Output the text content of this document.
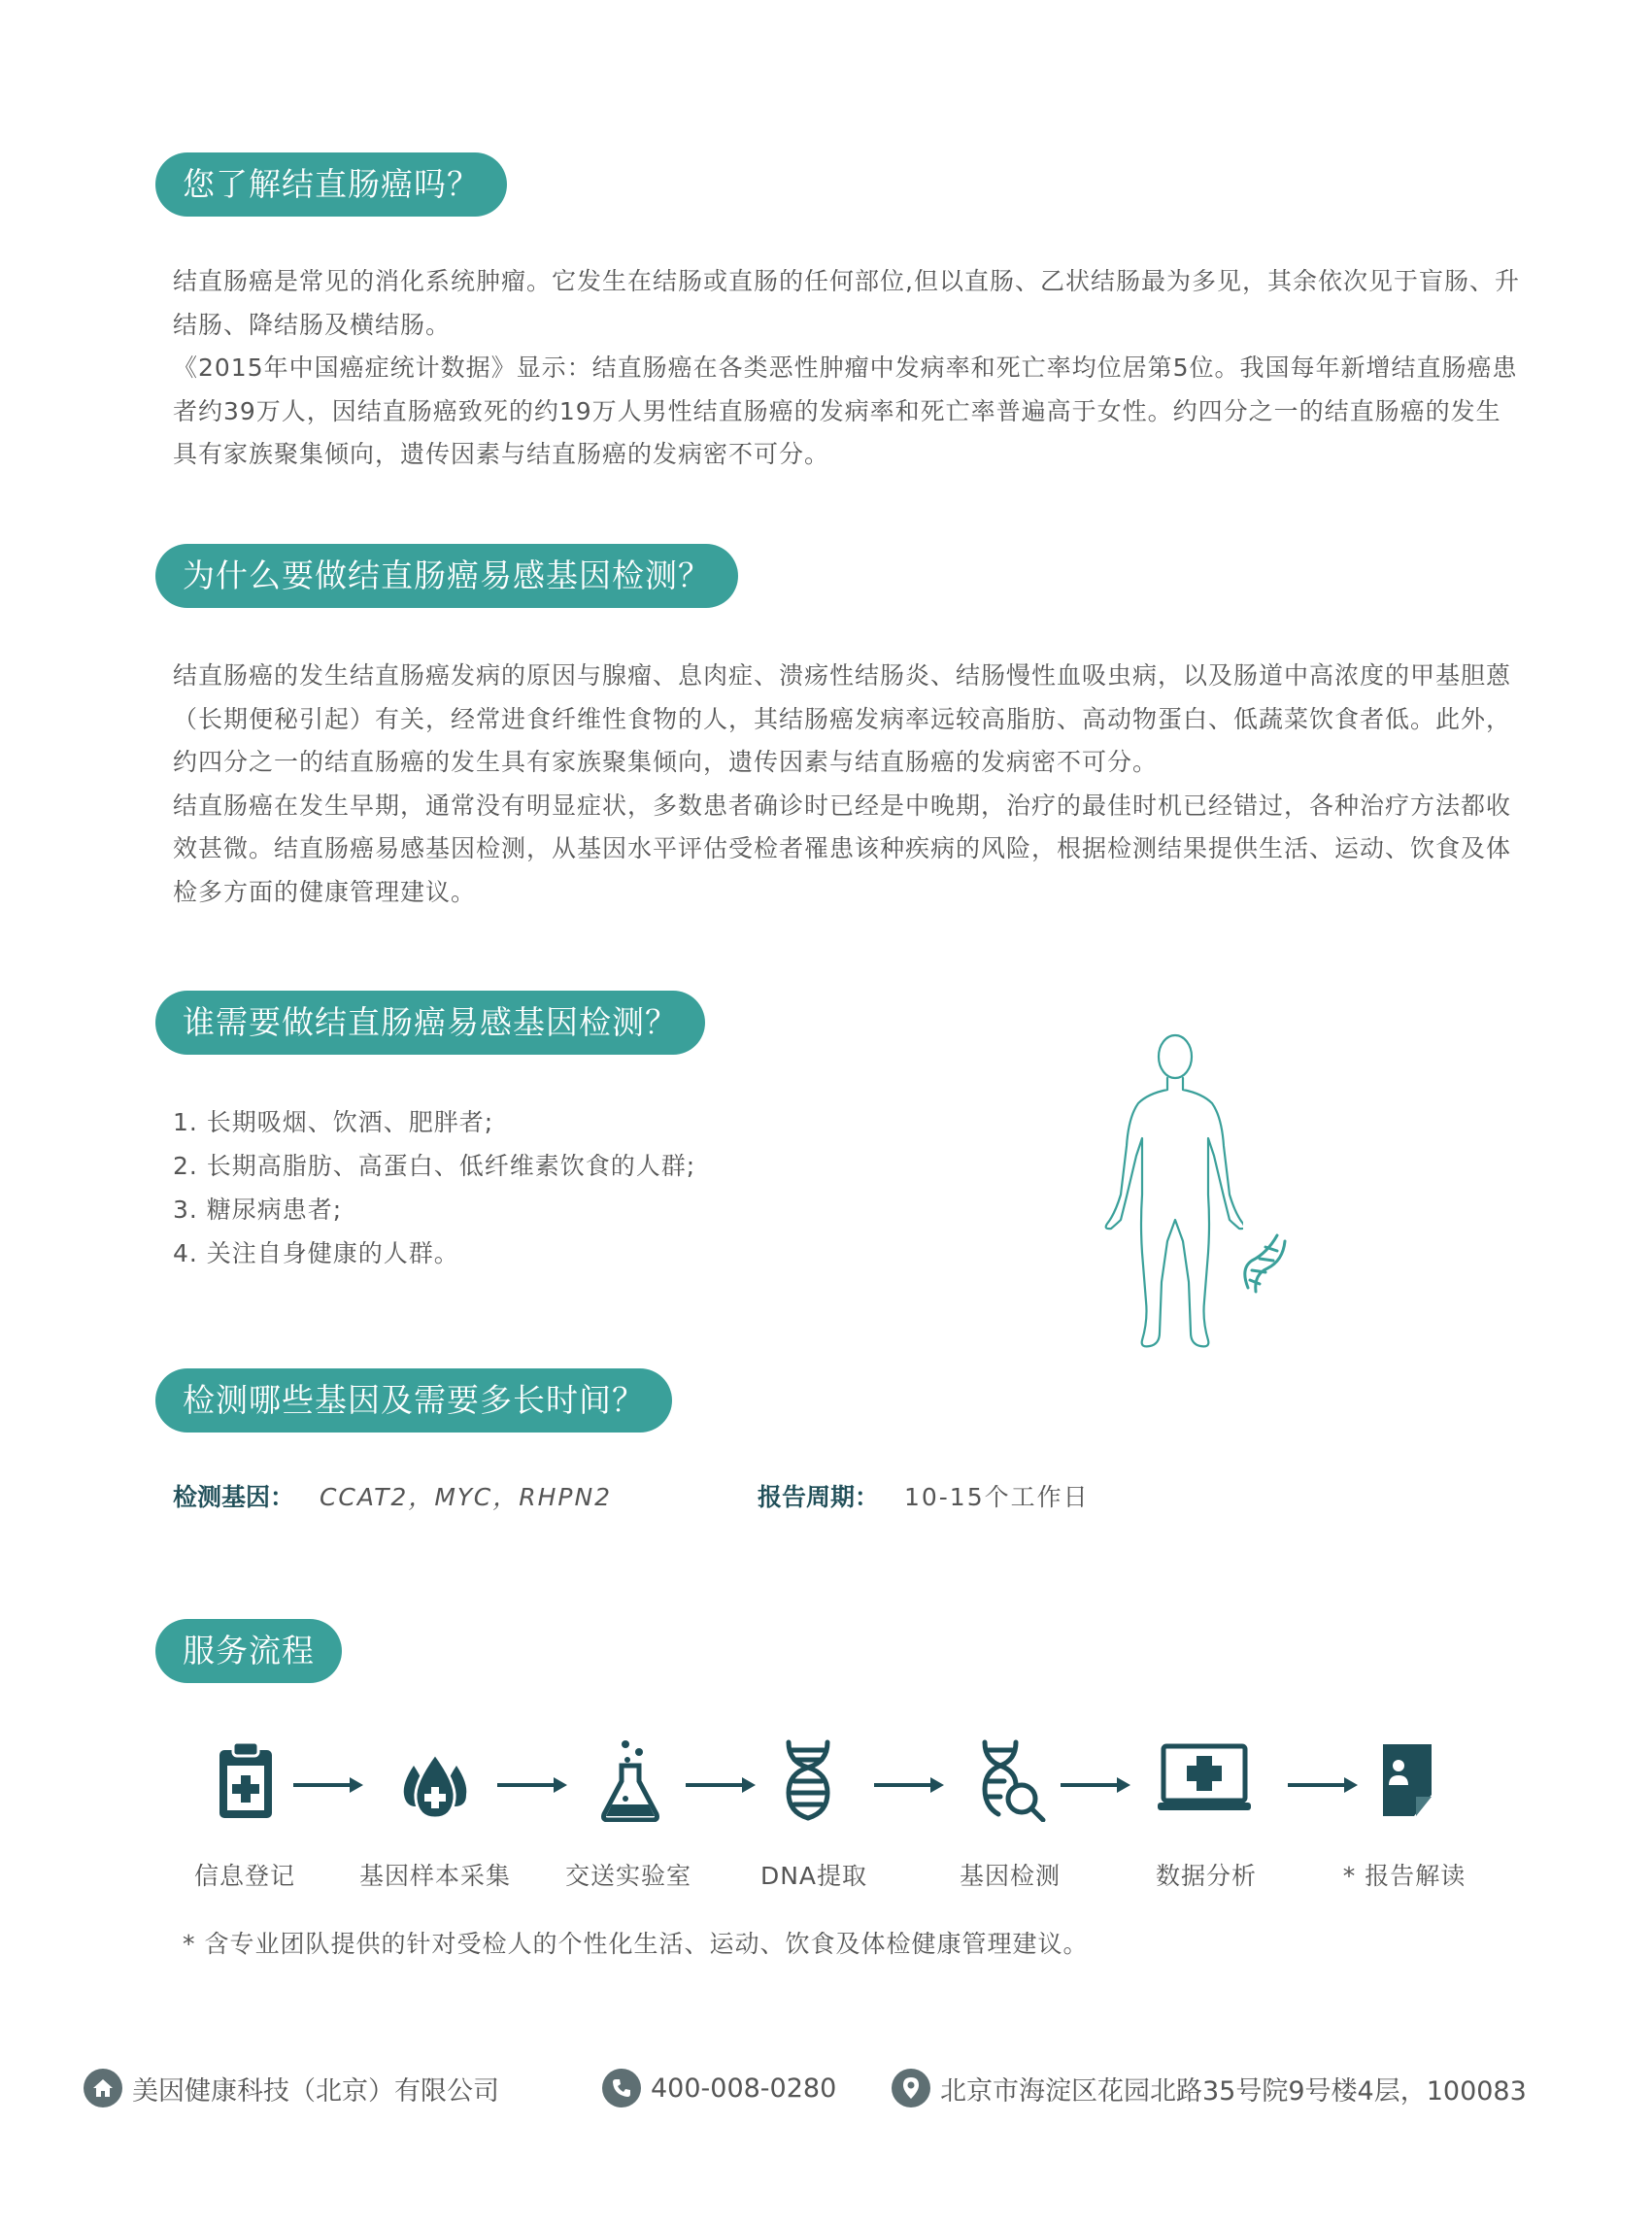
您了解结直肠癌吗？

结直肠癌是常见的消化系统肿瘤。它发生在结肠或直肠的任何部位,但以直肠、乙状结肠最为多见，其余依次见于盲肠、升结肠、降结肠及横结肠。

《2015年中国癌症统计数据》显示：结直肠癌在各类恶性肿瘤中发病率和死亡率均位居第5位。我国每年新增结直肠癌患者约39万人，因结直肠癌致死的约19万人男性结直肠癌的发病率和死亡率普遍高于女性。约四分之一的结直肠癌的发生具有家族聚集倾向，遗传因素与结直肠癌的发病密不可分。

为什么要做结直肠癌易感基因检测？

结直肠癌的发生结直肠癌发病的原因与腺瘤、息肉症、溃疡性结肠炎、结肠慢性血吸虫病，以及肠道中高浓度的甲基胆蒽 （长期便秘引起）有关，经常进食纤维性食物的人，其结肠癌发病率远较高脂肪、高动物蛋白、低蔬菜饮食者低。此外，约四分之一的结直肠癌的发生具有家族聚集倾向，遗传因素与结直肠癌的发病密不可分。

结直肠癌在发生早期，通常没有明显症状，多数患者确诊时已经是中晚期，治疗的最佳时机已经错过，各种治疗方法都收效甚微。结直肠癌易感基因检测，从基因水平评估受检者罹患该种疾病的风险，根据检测结果提供生活、运动、饮食及体检多方面的健康管理建议。

谁需要做结直肠癌易感基因检测？
1. 长期吸烟、饮酒、肥胖者;
2. 长期高脂肪、高蛋白、低纤维素饮食的人群;
3. 糖尿病患者;
4. 关注自身健康的人群。
检测哪些基因及需要多长时间？
检测基因： CCAT2，MYC，RHPN2	报告周期： 10-15个工作日
服务流程
信息登记	基因样本采集 交送实验室	DNA提取	基因检测	数据分析	* 报告解读
* 含专业团队提供的针对受检人的个性化生活、运动、饮食及体检健康管理建议。
美因健康科技（北京）有限公司	400-008-0280	北京市海淀区花园北路35号院9号楼4层，100083
